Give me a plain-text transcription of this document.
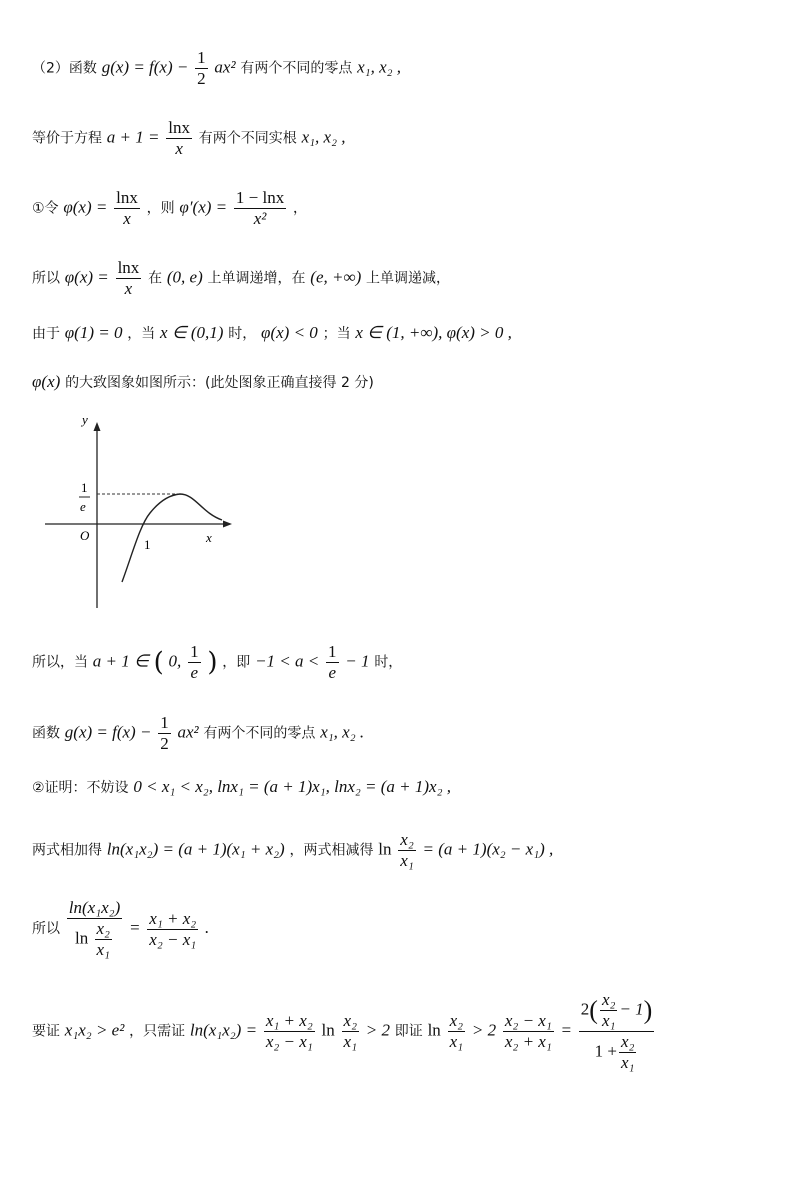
（2）函数 $g(x) = f(x) - \frac{1}{2} ax^2$ 有两个不同的零点 x₁, x₂ ,
等价于方程 $a + 1 = \frac{\ln x}{x}$ 有两个不同实根 x₁, x₂ ,
①令 $\varphi(x) = \frac{\ln x}{x}$ ，则 $\varphi'(x) = \frac{1 - \ln x}{\text{x²}}$ ，
所以 $\varphi(x) = \frac{\ln x}{x}$ 在 (0, e) 上单调递增，在 (e, +∞) 上单调递减，
由于 φ(1) = 0 ，当 x ∈ (0,1) 时， φ(x) < 0 ；当 x ∈ (1, +∞), φ(x) > 0 ,
φ(x) 的大致图象如图所示：(此处图象正确直接得 2 分)
y
x
O
1
1
e
所以，当 a + 1 ∈ ( 0, $\frac{1}{e}$ ) ，即 $-1 < a < \frac{1}{e} - 1$ 时，
函数 $g(x) = f(x) - \frac{1}{2} ax^2$ 有两个不同的零点 x₁, x₂ .
②证明：不妨设 0 < x₁ < x₂, lnx₁ = (a + 1)x₁, lnx₂ = (a + 1)x₂ ,
两式相加得 ln(x₁x₂) = (a + 1)(x₁ + x₂) ，两式相减得 $\ln \frac{\text{x₂}}{\text{x₁}} = (a + 1)(x_2 - x_1)$ ,
所以 $\frac{\text{ln(x₁x₂)}}{\ln \frac{\text{x₂}}{\text{x₁}}} = \frac{\text{x₁ + x₂}}{\text{x₂ − x₁}}$ .
要证 x₁x₂ > e² ，只需证 $\ln(x_1x_2) = \frac{\text{x₁ + x₂}}{\text{x₂ − x₁}}$ $\ln \frac{\text{x₂}}{\text{x₁}} > 2$ 即证 $\ln \frac{\text{x₂}}{\text{x₁}} > 2 \frac{\text{x₂ − x₁}}{\text{x₂ + x₁}} = \frac{2( \frac{\text{x₂}}{\text{x₁}} - 1)}{1 + \frac{\text{x₂}}{\text{x₁}}}$
